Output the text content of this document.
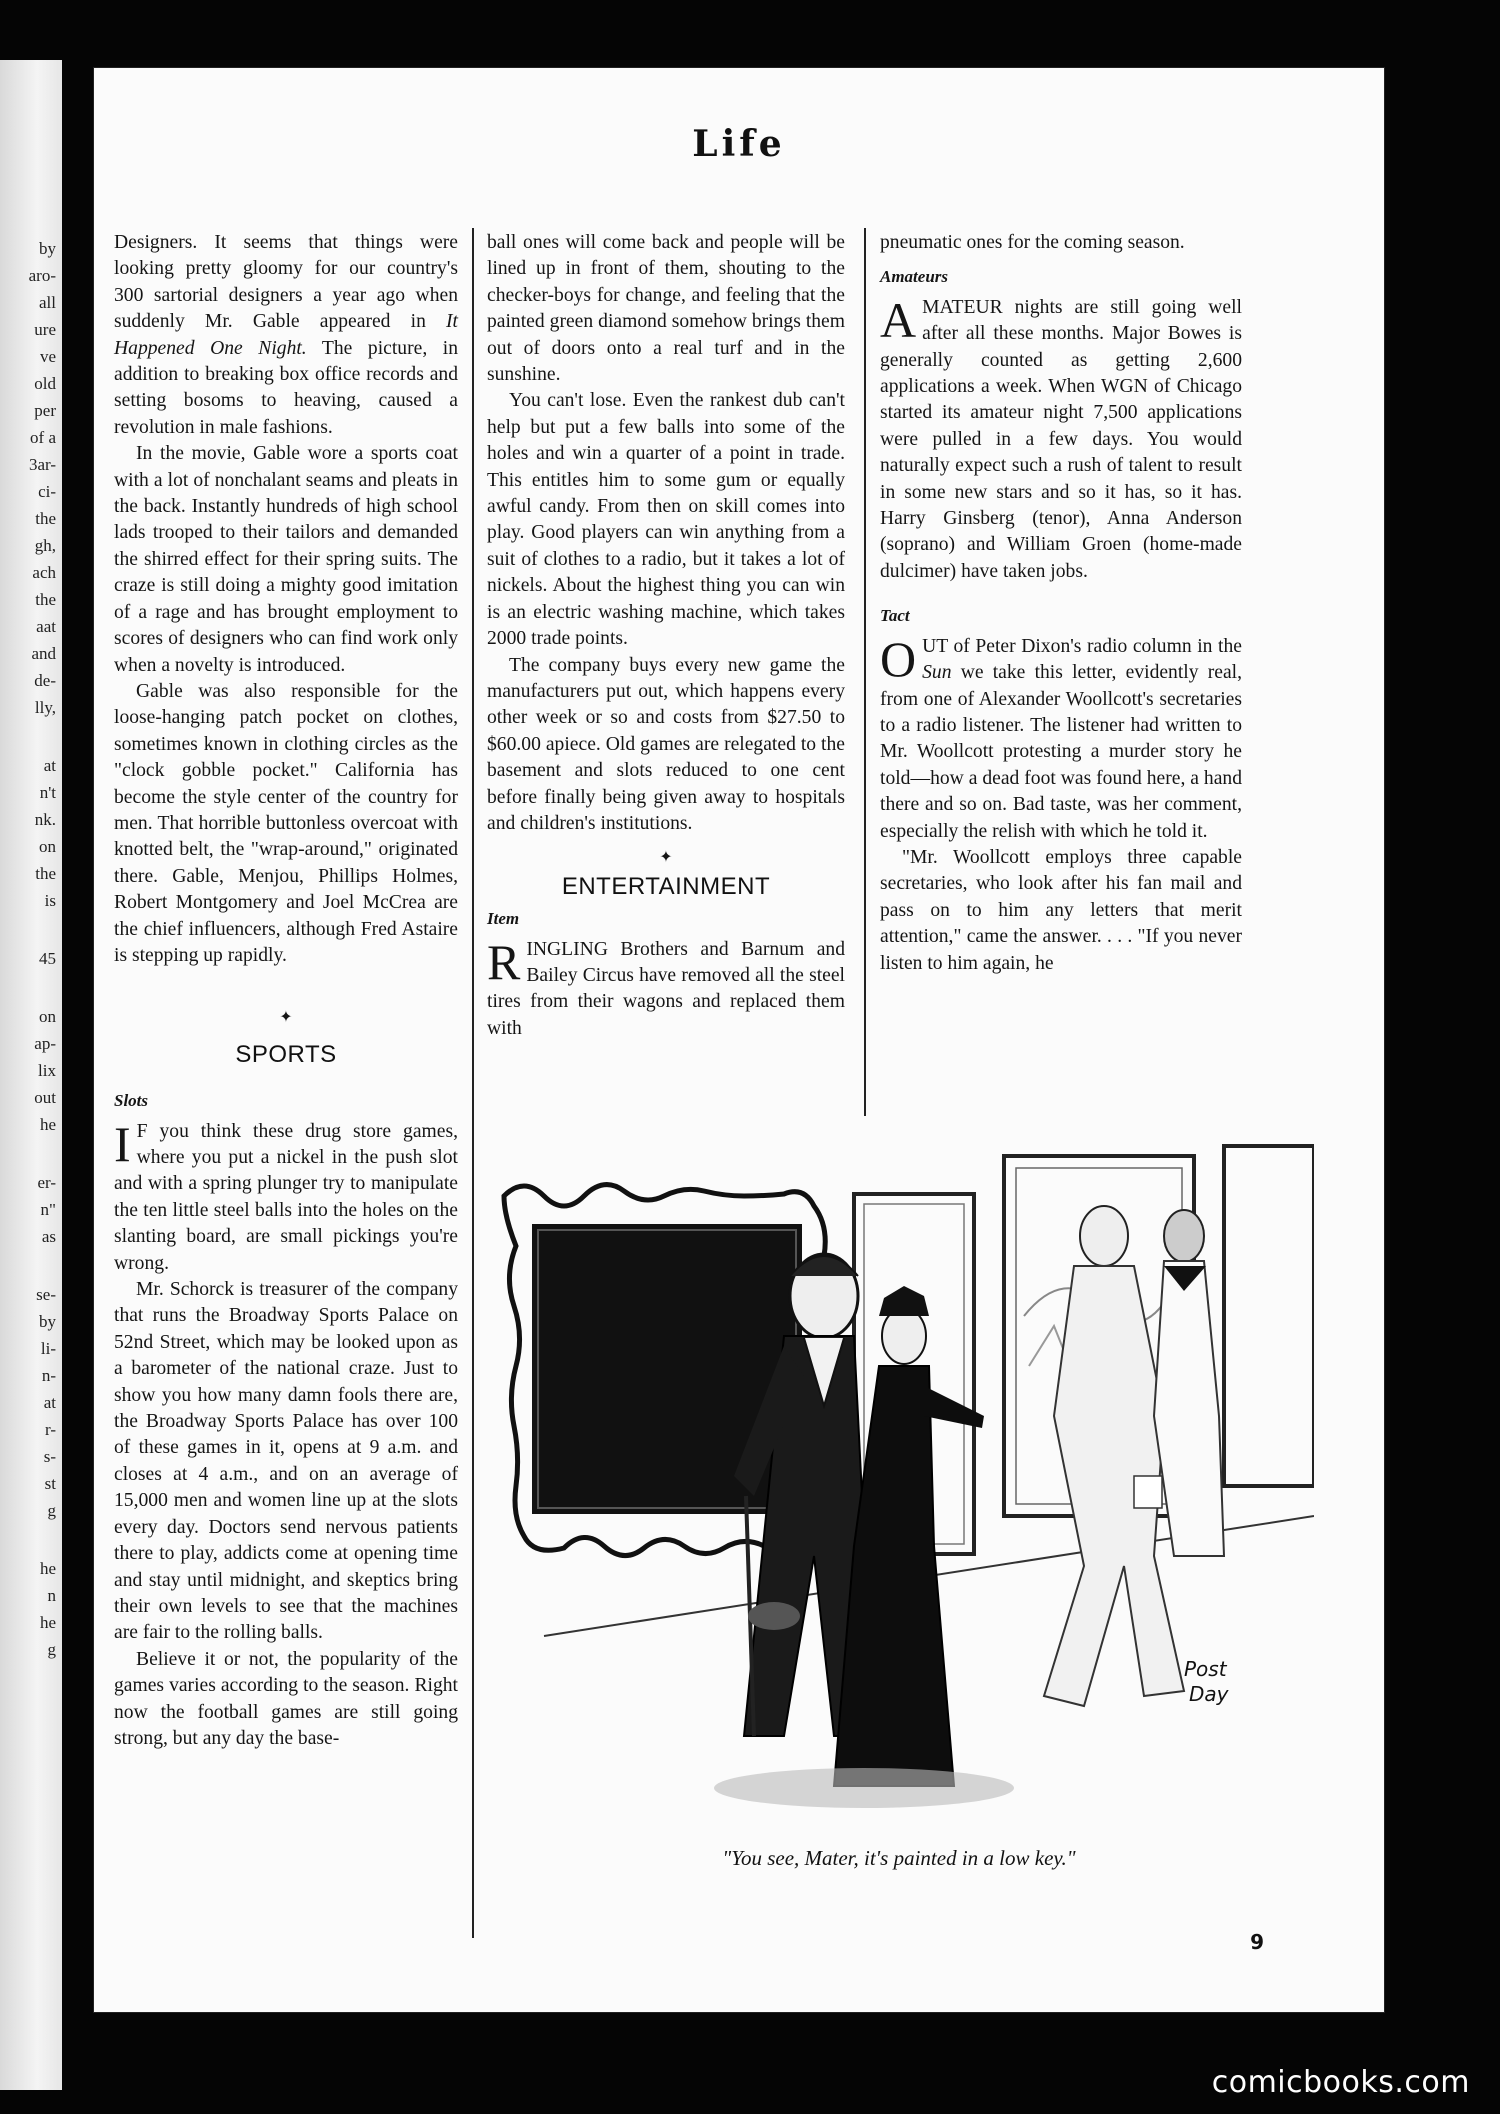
by
aro-
all
ure
ve
old
per
of a
3ar-
ci-
the
gh,
ach
the
aat
and
de-
lly,
at
n't
nk.
on
the
is
45
on
ap-
lix
out
he
er-
n"
as
se-
by
li-
n-
at
r-
s-
st
g
he
n
he
g
Life

Designers. It seems that things were looking pretty gloomy for our country's 300 sartorial designers a year ago when suddenly Mr. Gable appeared in It Happened One Night. The picture, in addition to breaking box office records and setting bosoms to heaving, caused a revolution in male fashions.

In the movie, Gable wore a sports coat with a lot of nonchalant seams and pleats in the back. Instantly hundreds of high school lads trooped to their tailors and demanded the shirred effect for their spring suits. The craze is still doing a mighty good imitation of a rage and has brought employment to scores of designers who can find work only when a novelty is introduced.

Gable was also responsible for the loose-hanging patch pocket on clothes, sometimes known in clothing circles as the "clock gobble pocket." California has become the style center of the country for men. That horrible buttonless overcoat with knotted belt, the "wrap-around," originated there. Gable, Menjou, Phillips Holmes, Robert Montgomery and Joel McCrea are the chief influencers, although Fred Astaire is stepping up rapidly.

✦
SPORTS
Slots

I F you think these drug store games, where you put a nickel in the push slot and with a spring plunger try to manipulate the ten little steel balls into the holes on the slanting board, are small pickings you're wrong.

Mr. Schorck is treasurer of the company that runs the Broadway Sports Palace on 52nd Street, which may be looked upon as a barometer of the national craze. Just to show you how many damn fools there are, the Broadway Sports Palace has over 100 of these games in it, opens at 9 a.m. and closes at 4 a.m., and on an average of 15,000 men and women line up at the slots every day. Doctors send nervous patients there to play, addicts come at opening time and stay until midnight, and skeptics bring their own levels to see that the machines are fair to the rolling balls.

Believe it or not, the popularity of the games varies according to the season. Right now the football games are still going strong, but any day the base-

ball ones will come back and people will be lined up in front of them, shouting to the checker-boys for change, and feeling that the painted green diamond somehow brings them out of doors onto a real turf and in the sunshine.

You can't lose. Even the rankest dub can't help but put a few balls into some of the holes and win a quarter of a point in trade. This entitles him to some gum or equally awful candy. From then on skill comes into play. Good players can win anything from a suit of clothes to a radio, but it takes a lot of nickels. About the highest thing you can win is an electric washing machine, which takes 2000 trade points.

The company buys every new game the manufacturers put out, which happens every other week or so and costs from $27.50 to $60.00 apiece. Old games are relegated to the basement and slots reduced to one cent before finally being given away to hospitals and children's institutions.

✦
ENTERTAINMENT
Item

RINGLING Brothers and Barnum and Bailey Circus have removed all the steel tires from their wagons and replaced them with

pneumatic ones for the coming season.

Amateurs

AMATEUR nights are still going well after all these months. Major Bowes is generally counted as getting 2,600 applications a week. When WGN of Chicago started its amateur night 7,500 applications were pulled in a few days. You would naturally expect such a rush of talent to result in some new stars and so it has, so it has. Harry Ginsberg (tenor), Anna Anderson (soprano) and William Groen (home-made dulcimer) have taken jobs.

Tact

OUT of Peter Dixon's radio column in the Sun we take this letter, evidently real, from one of Alexander Woollcott's secretaries to a radio listener. The listener had written to Mr. Woollcott protesting a murder story he told—how a dead foot was found here, a hand there and so on. Bad taste, was her comment, especially the relish with which he told it.

"Mr. Woollcott employs three capable secretaries, who look after his fan mail and pass on to him any letters that merit attention," came the answer. . . . "If you never listen to him again, he

Post
Day
"You see, Mater, it's painted in a low key."
9
comicbooks.com
